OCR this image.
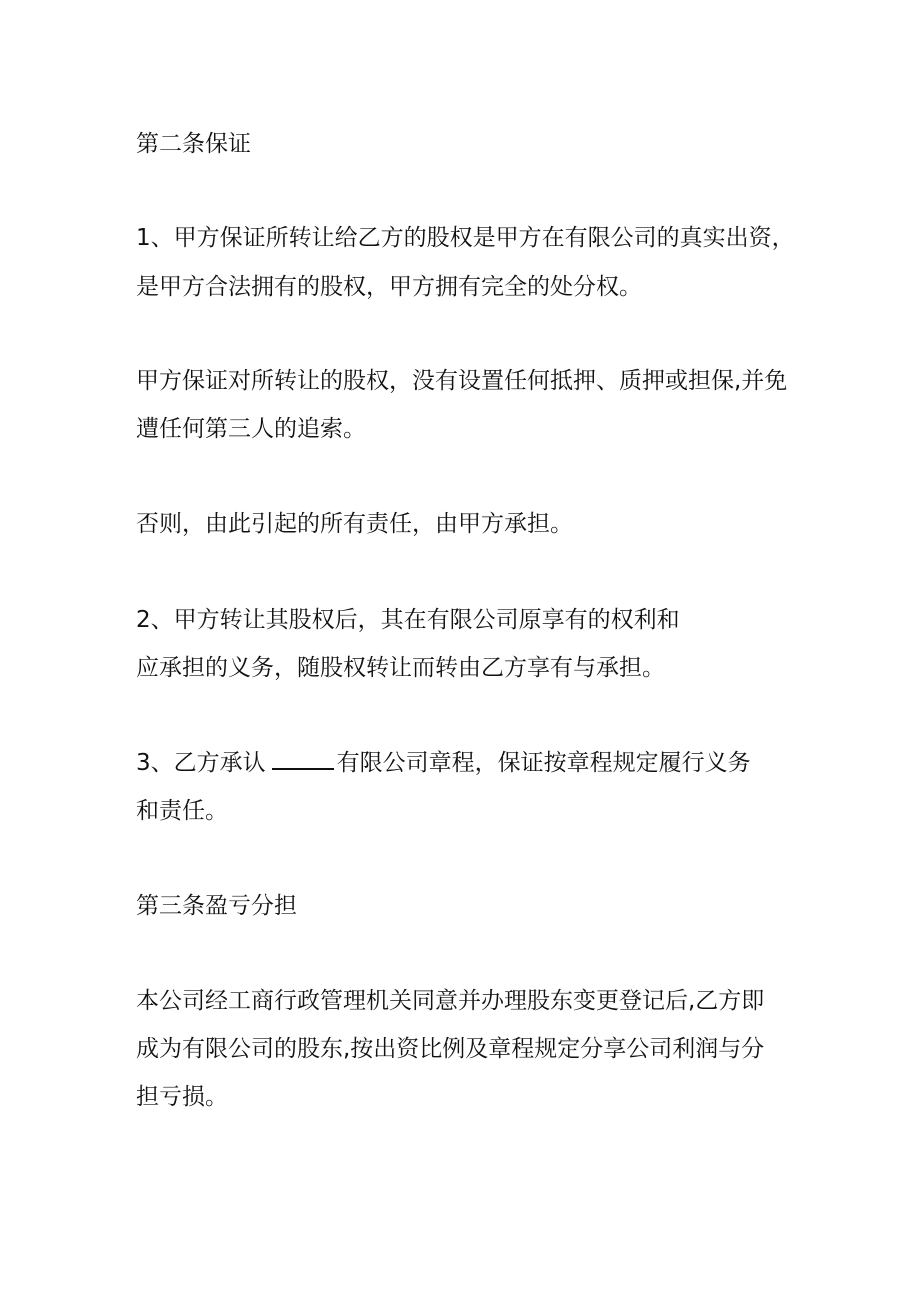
第二条保证
1、甲方保证所转让给乙方的股权是甲方在有限公司的真实出资，
是甲方合法拥有的股权，甲方拥有完全的处分权。
甲方保证对所转让的股权，没有设置任何抵押、质押或担保,并免
遭任何第三人的追索。
否则，由此引起的所有责任，由甲方承担。
2、甲方转让其股权后，其在有限公司原享有的权利和
应承担的义务，随股权转让而转由乙方享有与承担。
3、乙方承认	有限公司章程，保证按章程规定履行义务
和责任。
第三条盈亏分担
本公司经工商行政管理机关同意并办理股东变更登记后,乙方即
成为有限公司的股东,按出资比例及章程规定分享公司利润与分
担亏损。
